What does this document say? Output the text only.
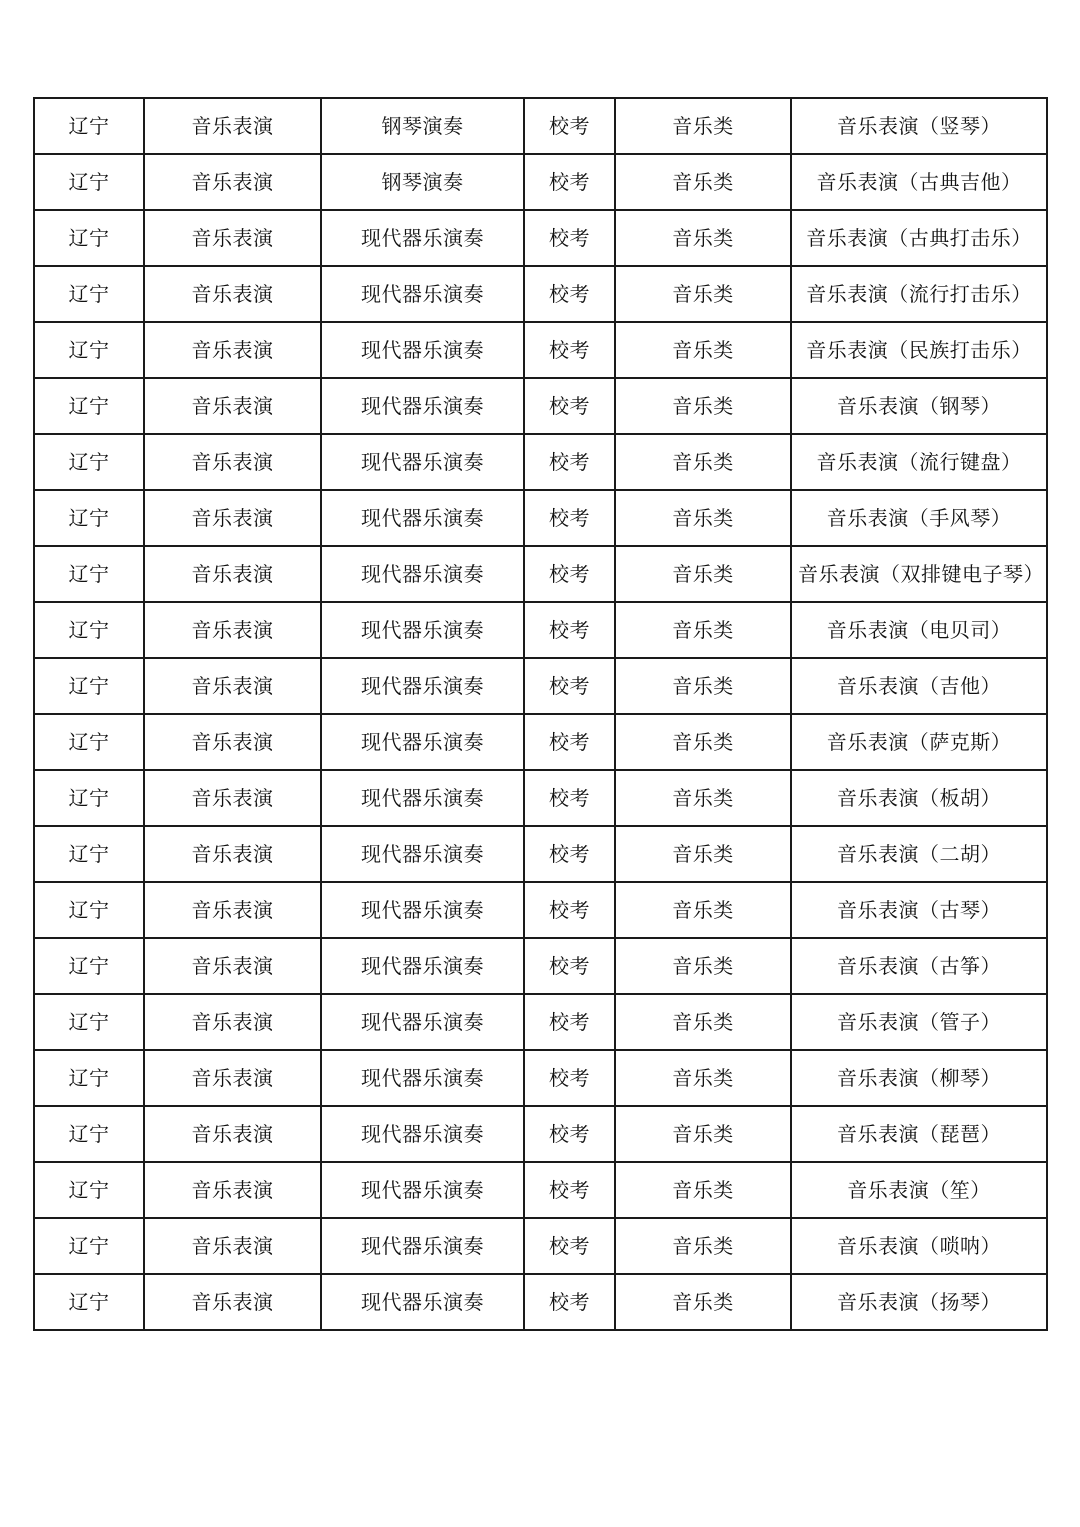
辽宁	音乐表演	钢琴演奏	校考	音乐类	音乐表演（竖琴）
辽宁	音乐表演	钢琴演奏	校考	音乐类	音乐表演（古典吉他）
辽宁	音乐表演	现代器乐演奏	校考	音乐类	音乐表演（古典打击乐）
辽宁	音乐表演	现代器乐演奏	校考	音乐类	音乐表演（流行打击乐）
辽宁	音乐表演	现代器乐演奏	校考	音乐类	音乐表演（民族打击乐）
辽宁	音乐表演	现代器乐演奏	校考	音乐类	音乐表演（钢琴）
辽宁	音乐表演	现代器乐演奏	校考	音乐类	音乐表演（流行键盘）
辽宁	音乐表演	现代器乐演奏	校考	音乐类	音乐表演（手风琴）
辽宁	音乐表演	现代器乐演奏	校考	音乐类	音乐表演（双排键电子琴）
辽宁	音乐表演	现代器乐演奏	校考	音乐类	音乐表演（电贝司）
辽宁	音乐表演	现代器乐演奏	校考	音乐类	音乐表演（吉他）
辽宁	音乐表演	现代器乐演奏	校考	音乐类	音乐表演（萨克斯）
辽宁	音乐表演	现代器乐演奏	校考	音乐类	音乐表演（板胡）
辽宁	音乐表演	现代器乐演奏	校考	音乐类	音乐表演（二胡）
辽宁	音乐表演	现代器乐演奏	校考	音乐类	音乐表演（古琴）
辽宁	音乐表演	现代器乐演奏	校考	音乐类	音乐表演（古筝）
辽宁	音乐表演	现代器乐演奏	校考	音乐类	音乐表演（管子）
辽宁	音乐表演	现代器乐演奏	校考	音乐类	音乐表演（柳琴）
辽宁	音乐表演	现代器乐演奏	校考	音乐类	音乐表演（琵琶）
辽宁	音乐表演	现代器乐演奏	校考	音乐类	音乐表演（笙）
辽宁	音乐表演	现代器乐演奏	校考	音乐类	音乐表演（唢呐）
辽宁	音乐表演	现代器乐演奏	校考	音乐类	音乐表演（扬琴）
